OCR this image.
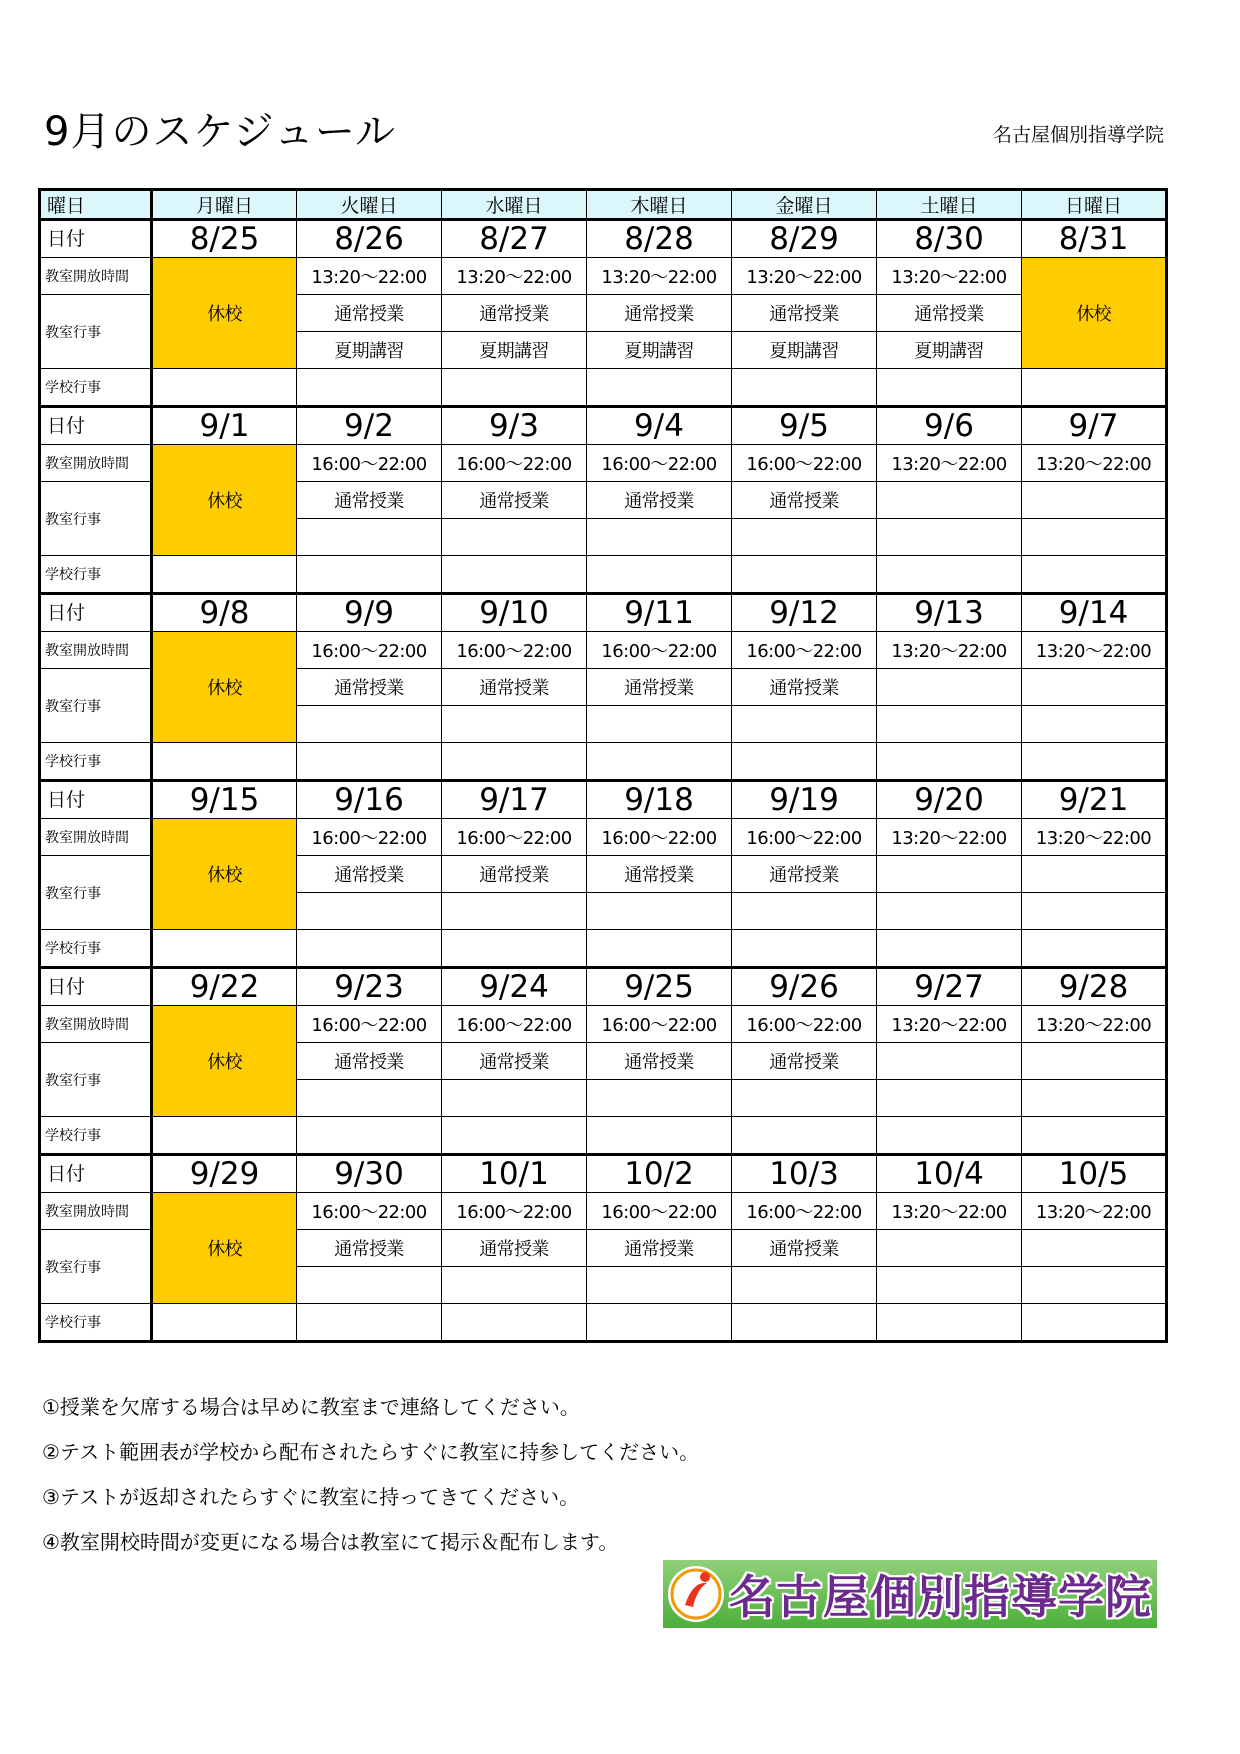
9月のスケジュール	名古屋個別指導学院
曜日	月曜日	火曜日	水曜日	木曜日	金曜日	土曜日	日曜日
日付	8/25	8/26	8/27	8/28	8/29	8/30	8/31
教室開放時間	休校	13:20～22:00	13:20～22:00	13:20～22:00	13:20～22:00	13:20～22:00	休校
教室行事		通常授業	通常授業	通常授業	通常授業	通常授業	
		夏期講習	夏期講習	夏期講習	夏期講習	夏期講習	
学校行事							
日付	9/1	9/2	9/3	9/4	9/5	9/6	9/7
教室開放時間	休校	16:00～22:00	16:00～22:00	16:00～22:00	16:00～22:00	13:20～22:00	13:20～22:00
教室行事		通常授業	通常授業	通常授業	通常授業		

学校行事							
日付	9/8	9/9	9/10	9/11	9/12	9/13	9/14
教室開放時間	休校	16:00～22:00	16:00～22:00	16:00～22:00	16:00～22:00	13:20～22:00	13:20～22:00
教室行事		通常授業	通常授業	通常授業	通常授業		

学校行事							
日付	9/15	9/16	9/17	9/18	9/19	9/20	9/21
教室開放時間	休校	16:00～22:00	16:00～22:00	16:00～22:00	16:00～22:00	13:20～22:00	13:20～22:00
教室行事		通常授業	通常授業	通常授業	通常授業		

学校行事							
日付	9/22	9/23	9/24	9/25	9/26	9/27	9/28
教室開放時間	休校	16:00～22:00	16:00～22:00	16:00～22:00	16:00～22:00	13:20～22:00	13:20～22:00
教室行事		通常授業	通常授業	通常授業	通常授業		

学校行事							
日付	9/29	9/30	10/1	10/2	10/3	10/4	10/5
教室開放時間	休校	16:00～22:00	16:00～22:00	16:00～22:00	16:00～22:00	13:20～22:00	13:20～22:00
教室行事		通常授業	通常授業	通常授業	通常授業		

学校行事							
①授業を欠席する場合は早めに教室まで連絡してください。
②テスト範囲表が学校から配布されたらすぐに教室に持参してください。
③テストが返却されたらすぐに教室に持ってきてください。
④教室開校時間が変更になる場合は教室にて掲示＆配布します。
名古屋個別指導学院
